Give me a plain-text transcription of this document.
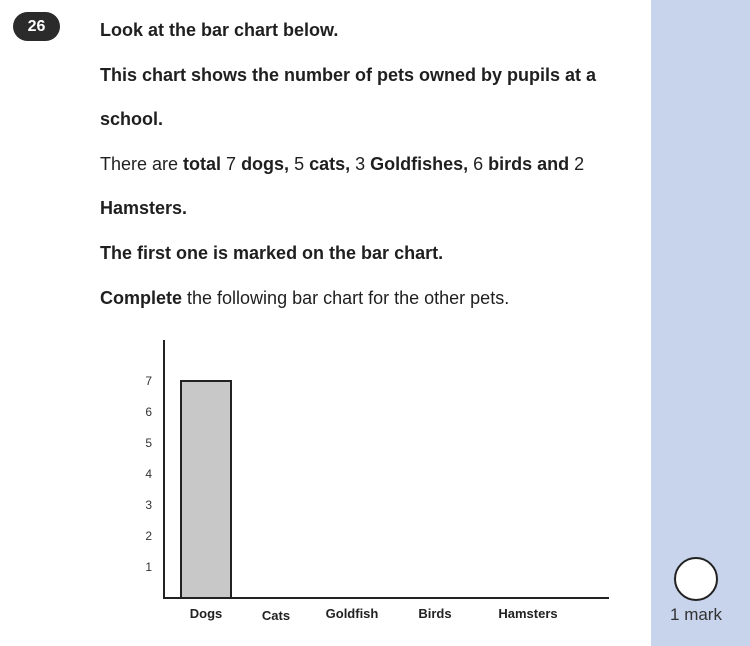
26	Look at the bar chart below.
This chart shows the number of pets owned by pupils at a
school.
There are total 7 dogs, 5 cats, 3 Goldfishes, 6 birds and 2
Hamsters.
The first one is marked on the bar chart.
Complete the following bar chart for the other pets.
1
2
3
4
5
6
7
Dogs	Cats	Goldfish	Birds	Hamsters	1 mark
